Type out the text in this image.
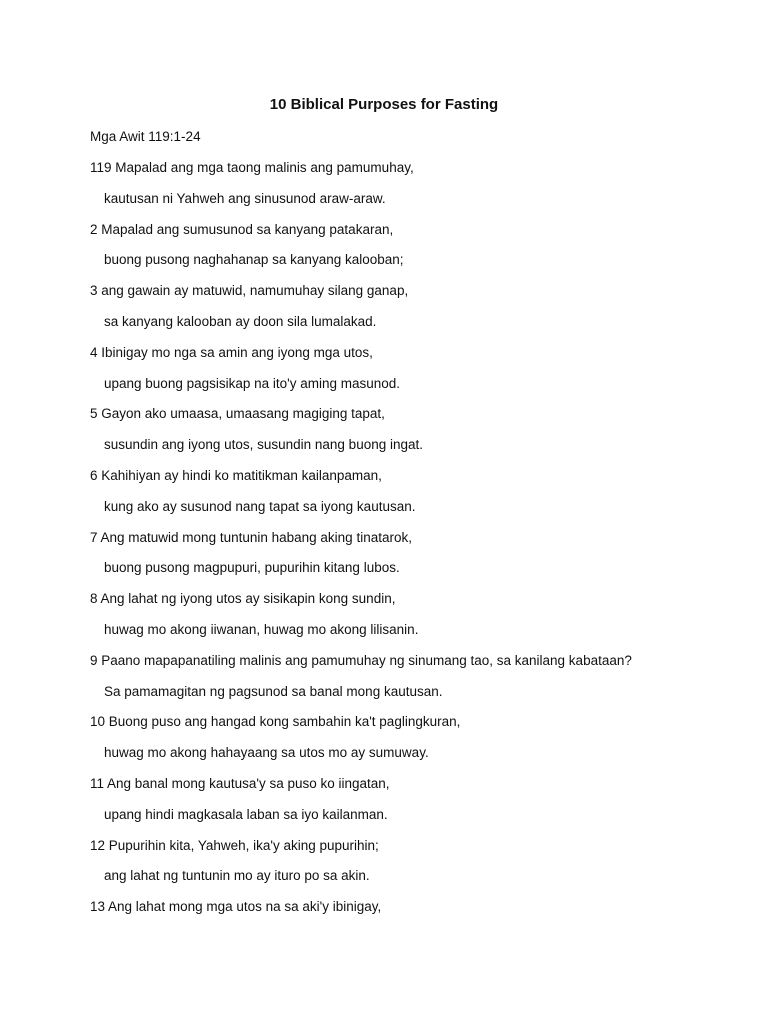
10 Biblical Purposes for Fasting
Mga Awit 119:1-24
119 Mapalad ang mga taong malinis ang pamumuhay,
kautusan ni Yahweh ang sinusunod araw-araw.
2 Mapalad ang sumusunod sa kanyang patakaran,
buong pusong naghahanap sa kanyang kalooban;
3 ang gawain ay matuwid, namumuhay silang ganap,
sa kanyang kalooban ay doon sila lumalakad.
4 Ibinigay mo nga sa amin ang iyong mga utos,
upang buong pagsisikap na ito'y aming masunod.
5 Gayon ako umaasa, umaasang magiging tapat,
susundin ang iyong utos, susundin nang buong ingat.
6 Kahihiyan ay hindi ko matitikman kailanpaman,
kung ako ay susunod nang tapat sa iyong kautusan.
7 Ang matuwid mong tuntunin habang aking tinatarok,
buong pusong magpupuri, pupurihin kitang lubos.
8 Ang lahat ng iyong utos ay sisikapin kong sundin,
huwag mo akong iiwanan, huwag mo akong lilisanin.
9 Paano mapapanatiling malinis ang pamumuhay ng sinumang tao, sa kanilang kabataan?
Sa pamamagitan ng pagsunod sa banal mong kautusan.
10 Buong puso ang hangad kong sambahin ka't paglingkuran,
huwag mo akong hahayaang sa utos mo ay sumuway.
11 Ang banal mong kautusa'y sa puso ko iingatan,
upang hindi magkasala laban sa iyo kailanman.
12 Pupurihin kita, Yahweh, ika'y aking pupurihin;
ang lahat ng tuntunin mo ay ituro po sa akin.
13 Ang lahat mong mga utos na sa aki'y ibinigay,
